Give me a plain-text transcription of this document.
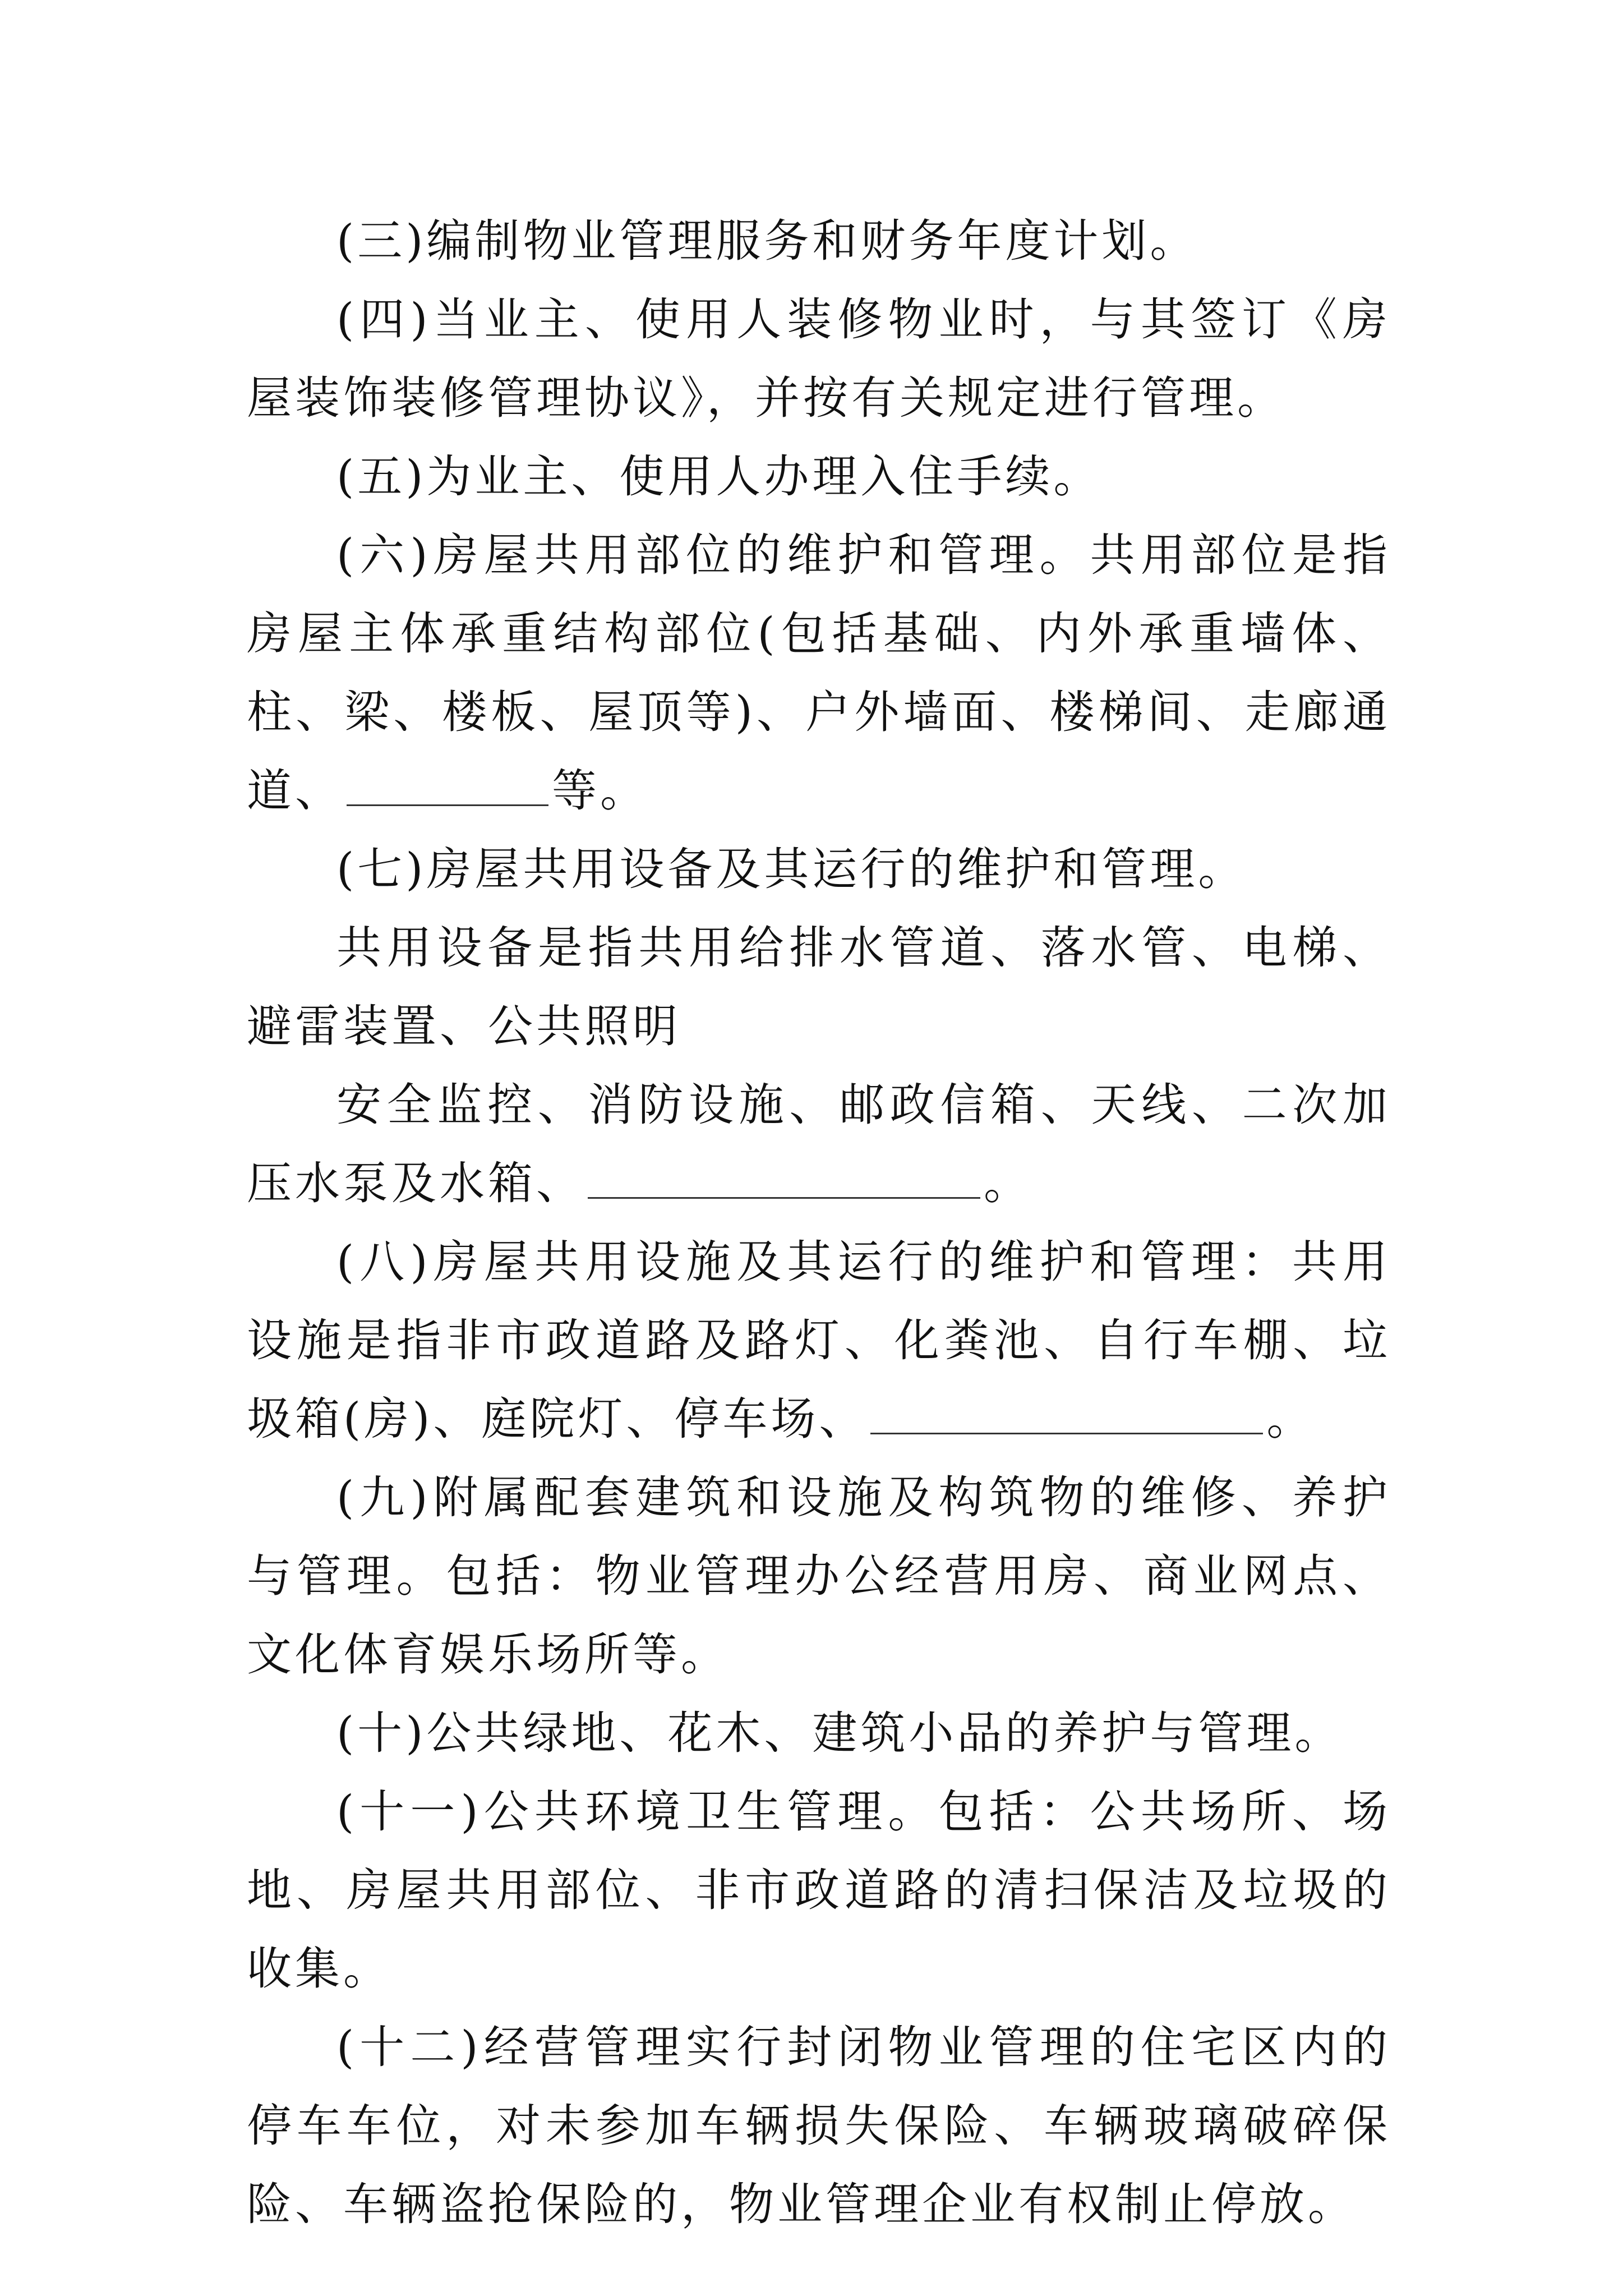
(三)编制物业管理服务和财务年度计划。

(四)当业主、使用人装修物业时，与其签订《房屋装饰装修管理协议》，并按有关规定进行管理。

(五)为业主、使用人办理入住手续。

(六)房屋共用部位的维护和管理。共用部位是指房屋主体承重结构部位(包括基础、内外承重墙体、柱、梁、楼板、屋顶等)、户外墙面、楼梯间、走廊通道、	等。

(七)房屋共用设备及其运行的维护和管理。

共用设备是指共用给排水管道、落水管、电梯、避雷装置、公共照明

安全监控、消防设施、邮政信箱、天线、二次加压水泵及水箱、	。

(八)房屋共用设施及其运行的维护和管理：共用设施是指非市政道路及路灯、化粪池、自行车棚、垃圾箱(房)、庭院灯、停车场、	。

(九)附属配套建筑和设施及构筑物的维修、养护与管理。包括：物业管理办公经营用房、商业网点、文化体育娱乐场所等。

(十)公共绿地、花木、建筑小品的养护与管理。

(十一)公共环境卫生管理。包括：公共场所、场地、房屋共用部位、非市政道路的清扫保洁及垃圾的收集。

(十二)经营管理实行封闭物业管理的住宅区内的停车车位，对未参加车辆损失保险、车辆玻璃破碎保险、车辆盗抢保险的，物业管理企业有权制止停放。
